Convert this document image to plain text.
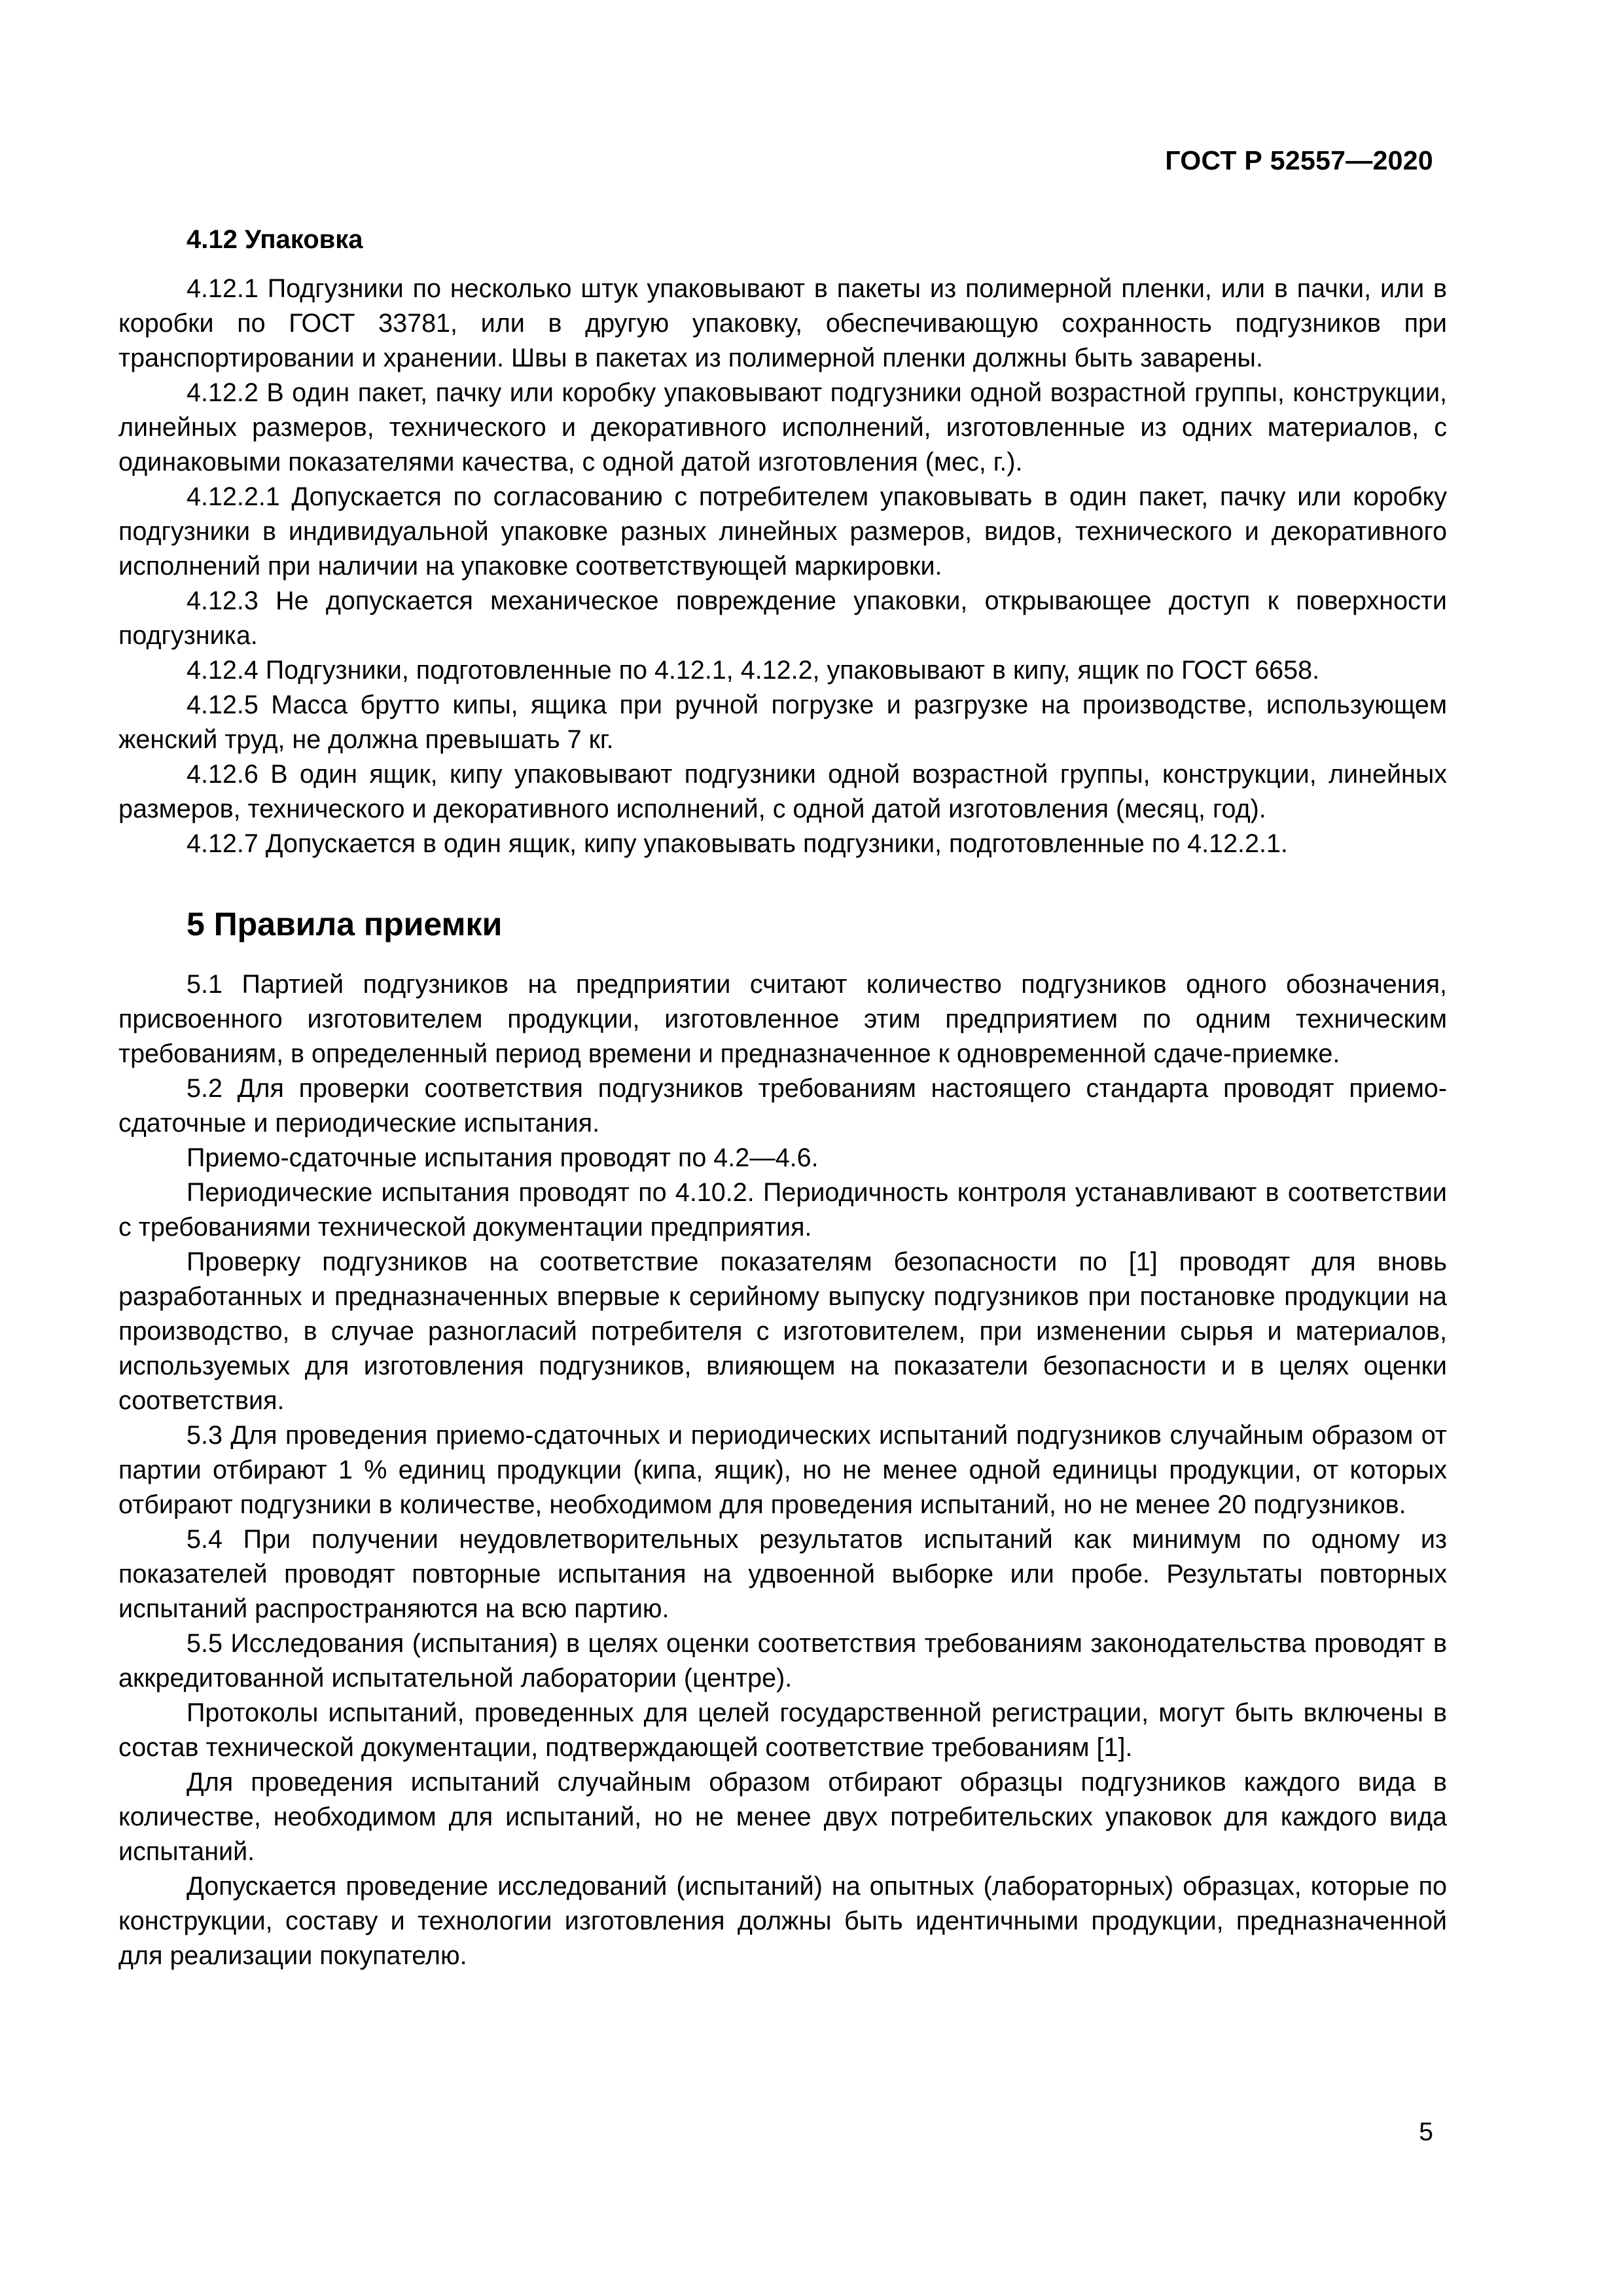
ГОСТ Р 52557—2020
4.12 Упаковка

4.12.1 Подгузники по несколько штук упаковывают в пакеты из полимерной пленки, или в пачки, или в коробки по ГОСТ 33781, или в другую упаковку, обеспечивающую сохранность подгузников при транспортировании и хранении. Швы в пакетах из полимерной пленки должны быть заварены.

4.12.2 В один пакет, пачку или коробку упаковывают подгузники одной возрастной группы, конструкции, линейных размеров, технического и декоративного исполнений, изготовленные из одних материалов, с одинаковыми показателями качества, с одной датой изготовления (мес, г.).

4.12.2.1 Допускается по согласованию с потребителем упаковывать в один пакет, пачку или коробку подгузники в индивидуальной упаковке разных линейных размеров, видов, технического и декоративного исполнений при наличии на упаковке соответствующей маркировки.

4.12.3 Не допускается механическое повреждение упаковки, открывающее доступ к поверхности подгузника.

4.12.4 Подгузники, подготовленные по 4.12.1, 4.12.2, упаковывают в кипу, ящик по ГОСТ 6658.

4.12.5 Масса брутто кипы, ящика при ручной погрузке и разгрузке на производстве, использующем женский труд, не должна превышать 7 кг.

4.12.6 В один ящик, кипу упаковывают подгузники одной возрастной группы, конструкции, линейных размеров, технического и декоративного исполнений, с одной датой изготовления (месяц, год).

4.12.7 Допускается в один ящик, кипу упаковывать подгузники, подготовленные по 4.12.2.1.

5 Правила приемки

5.1 Партией подгузников на предприятии считают количество подгузников одного обозначения, присвоенного изготовителем продукции, изготовленное этим предприятием по одним техническим требованиям, в определенный период времени и предназначенное к одновременной сдаче-приемке.

5.2 Для проверки соответствия подгузников требованиям настоящего стандарта проводят приемо-сдаточные и периодические испытания.

Приемо-сдаточные испытания проводят по 4.2—4.6.

Периодические испытания проводят по 4.10.2. Периодичность контроля устанавливают в соответствии с требованиями технической документации предприятия.

Проверку подгузников на соответствие показателям безопасности по [1] проводят для вновь разработанных и предназначенных впервые к серийному выпуску подгузников при постановке продукции на производство, в случае разногласий потребителя с изготовителем, при изменении сырья и материалов, используемых для изготовления подгузников, влияющем на показатели безопасности и в целях оценки соответствия.

5.3 Для проведения приемо-сдаточных и периодических испытаний подгузников случайным образом от партии отбирают 1 % единиц продукции (кипа, ящик), но не менее одной единицы продукции, от которых отбирают подгузники в количестве, необходимом для проведения испытаний, но не менее 20 подгузников.

5.4 При получении неудовлетворительных результатов испытаний как минимум по одному из показателей проводят повторные испытания на удвоенной выборке или пробе. Результаты повторных испытаний распространяются на всю партию.

5.5 Исследования (испытания) в целях оценки соответствия требованиям законодательства проводят в аккредитованной испытательной лаборатории (центре).

Протоколы испытаний, проведенных для целей государственной регистрации, могут быть включены в состав технической документации, подтверждающей соответствие требованиям [1].

Для проведения испытаний случайным образом отбирают образцы подгузников каждого вида в количестве, необходимом для испытаний, но не менее двух потребительских упаковок для каждого вида испытаний.

Допускается проведение исследований (испытаний) на опытных (лабораторных) образцах, которые по конструкции, составу и технологии изготовления должны быть идентичными продукции, предназначенной для реализации покупателю.

5
